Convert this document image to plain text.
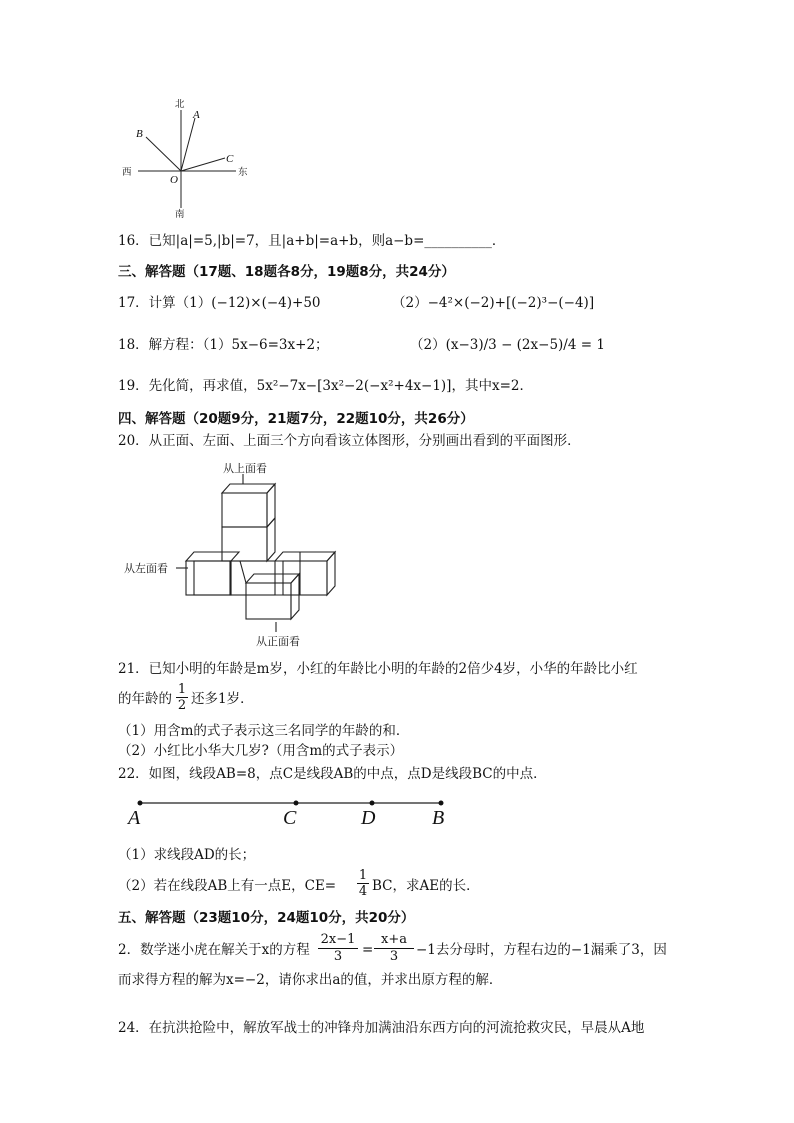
北
南
西	东
O
A
B
C
16．已知|a|=5,|b|=7，且|a+b|=a+b，则a−b=__________．
三、解答题（17题、18题各8分，19题8分，共24分）
17．计算（1）(−12)×(−4)+50	（2）−4²×(−2)+[(−2)³−(−4)]
18．解方程：（1）5x−6=3x+2；	（2）(x−3)/3 − (2x−5)/4 = 1
19．先化简，再求值，5x²−7x−[3x²−2(−x²+4x−1)]，其中x=2．
四、解答题（20题9分，21题7分，22题10分，共26分）
20．从正面、左面、上面三个方向看该立体图形，分别画出看到的平面图形．
从上面看
从左面看
从正面看
21．已知小明的年龄是m岁，小红的年龄比小明的年龄的2倍少4岁，小华的年龄比小红
的年龄的 $\frac{1}{2}$ 还多1岁．
（1）用含m的式子表示这三名同学的年龄的和．
（2）小红比小华大几岁?（用含m的式子表示）
22．如图，线段AB=8，点C是线段AB的中点，点D是线段BC的中点．
A	C	D	B
（1）求线段AD的长；
（2）若在线段AB上有一点E，$CE= \frac{1}{4}$ BC，求AE的长．
五、解答题（23题10分，24题10分，共20分）
2．数学迷小虎在解关于x的方程 $\frac{2x-1}{3} = \frac{x+a}{3} -1$去分母时，方程右边的−1漏乘了3，因
而求得方程的解为x=−2，请你求出a的值，并求出原方程的解．
24．在抗洪抢险中，解放军战士的冲锋舟加满油沿东西方向的河流抢救灾民，早晨从A地
